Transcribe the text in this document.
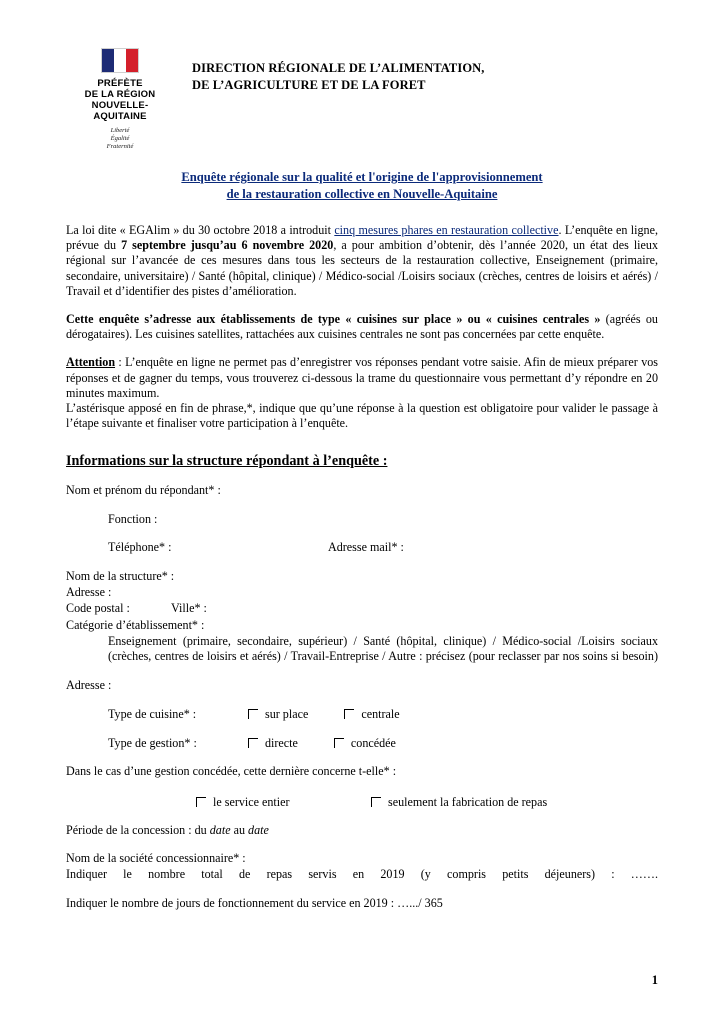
PRÉFÈTE
DE LA RÉGION
NOUVELLE-
AQUITAINE
Liberté
Égalité
Fraternité
DIRECTION RÉGIONALE DE L’ALIMENTATION,
DE L’AGRICULTURE ET DE LA FORET
Enquête régionale sur la qualité et l'origine de l'approvisionnement
de la restauration collective en Nouvelle-Aquitaine
La loi dite « EGAlim » du 30 octobre 2018 a introduit cinq mesures phares en restauration collective. L’enquête en ligne, prévue du 7 septembre jusqu’au 6 novembre 2020, a pour ambition d’obtenir, dès l’année 2020, un état des lieux régional sur l’avancée de ces mesures dans tous les secteurs de la restauration collective, Enseignement (primaire, secondaire, universitaire) / Santé (hôpital, clinique) / Médico-social /Loisirs sociaux (crèches, centres de loisirs et aérés) / Travail et d’identifier des pistes d’amélioration.
Cette enquête s’adresse aux établissements de type « cuisines sur place » ou « cuisines centrales » (agréés ou dérogataires). Les cuisines satellites, rattachées aux cuisines centrales ne sont pas concernées par cette enquête.
Attention : L’enquête en ligne ne permet pas d’enregistrer vos réponses pendant votre saisie. Afin de mieux préparer vos réponses et de gagner du temps, vous trouverez ci-dessous la trame du questionnaire vous permettant d’y répondre en 20 minutes maximum.
L’astérisque apposé en fin de phrase,*, indique que qu’une réponse à la question est obligatoire pour valider le passage à l’étape suivante et finaliser votre participation à l’enquête.
Informations sur la structure répondant à l’enquête :
Nom et prénom du répondant* :
Fonction :
Téléphone* :	Adresse mail* :
Nom de la structure* :
Adresse :
Code postal :	Ville* :
Catégorie d’établissement* :
Enseignement (primaire, secondaire, supérieur) / Santé (hôpital, clinique) / Médico-social /Loisirs sociaux (crèches, centres de loisirs et aérés) / Travail-Entreprise / Autre : précisez (pour reclasser par nos soins si besoin)
Adresse :
Type de cuisine* :	sur place	centrale
Type de gestion* :	directe	concédée
Dans le cas d’une gestion concédée, cette dernière concerne t-elle* :
le service entier	seulement la fabrication de repas
Période de la concession : du date au date
Nom de la société concessionnaire* :
Indiquer le nombre total de repas servis en 2019 (y compris petits déjeuners) : …….
Indiquer le nombre de jours de fonctionnement du service en 2019 : ….../ 365
1
